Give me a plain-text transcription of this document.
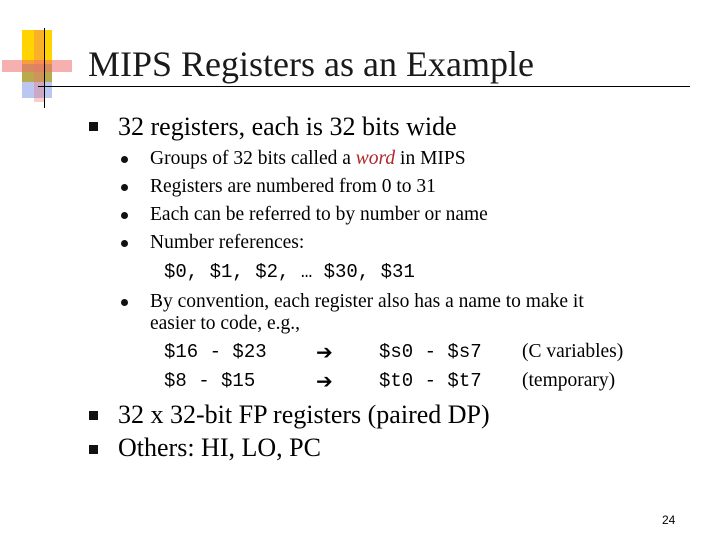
MIPS Registers as an Example
32 registers, each is 32 bits wide
Groups of 32 bits called a word in MIPS
Registers are numbered from 0 to 31
Each can be referred to by number or name
Number references:
$0, $1, $2, … $30, $31
By convention, each register also has a name to make it
easier to code, e.g.,
$16 - $23 ➔ $s0 - $s7 (C variables)
$8 - $15	➔ $t0 - $t7 (temporary)
32 x 32-bit FP registers (paired DP)
Others: HI, LO, PC
24
